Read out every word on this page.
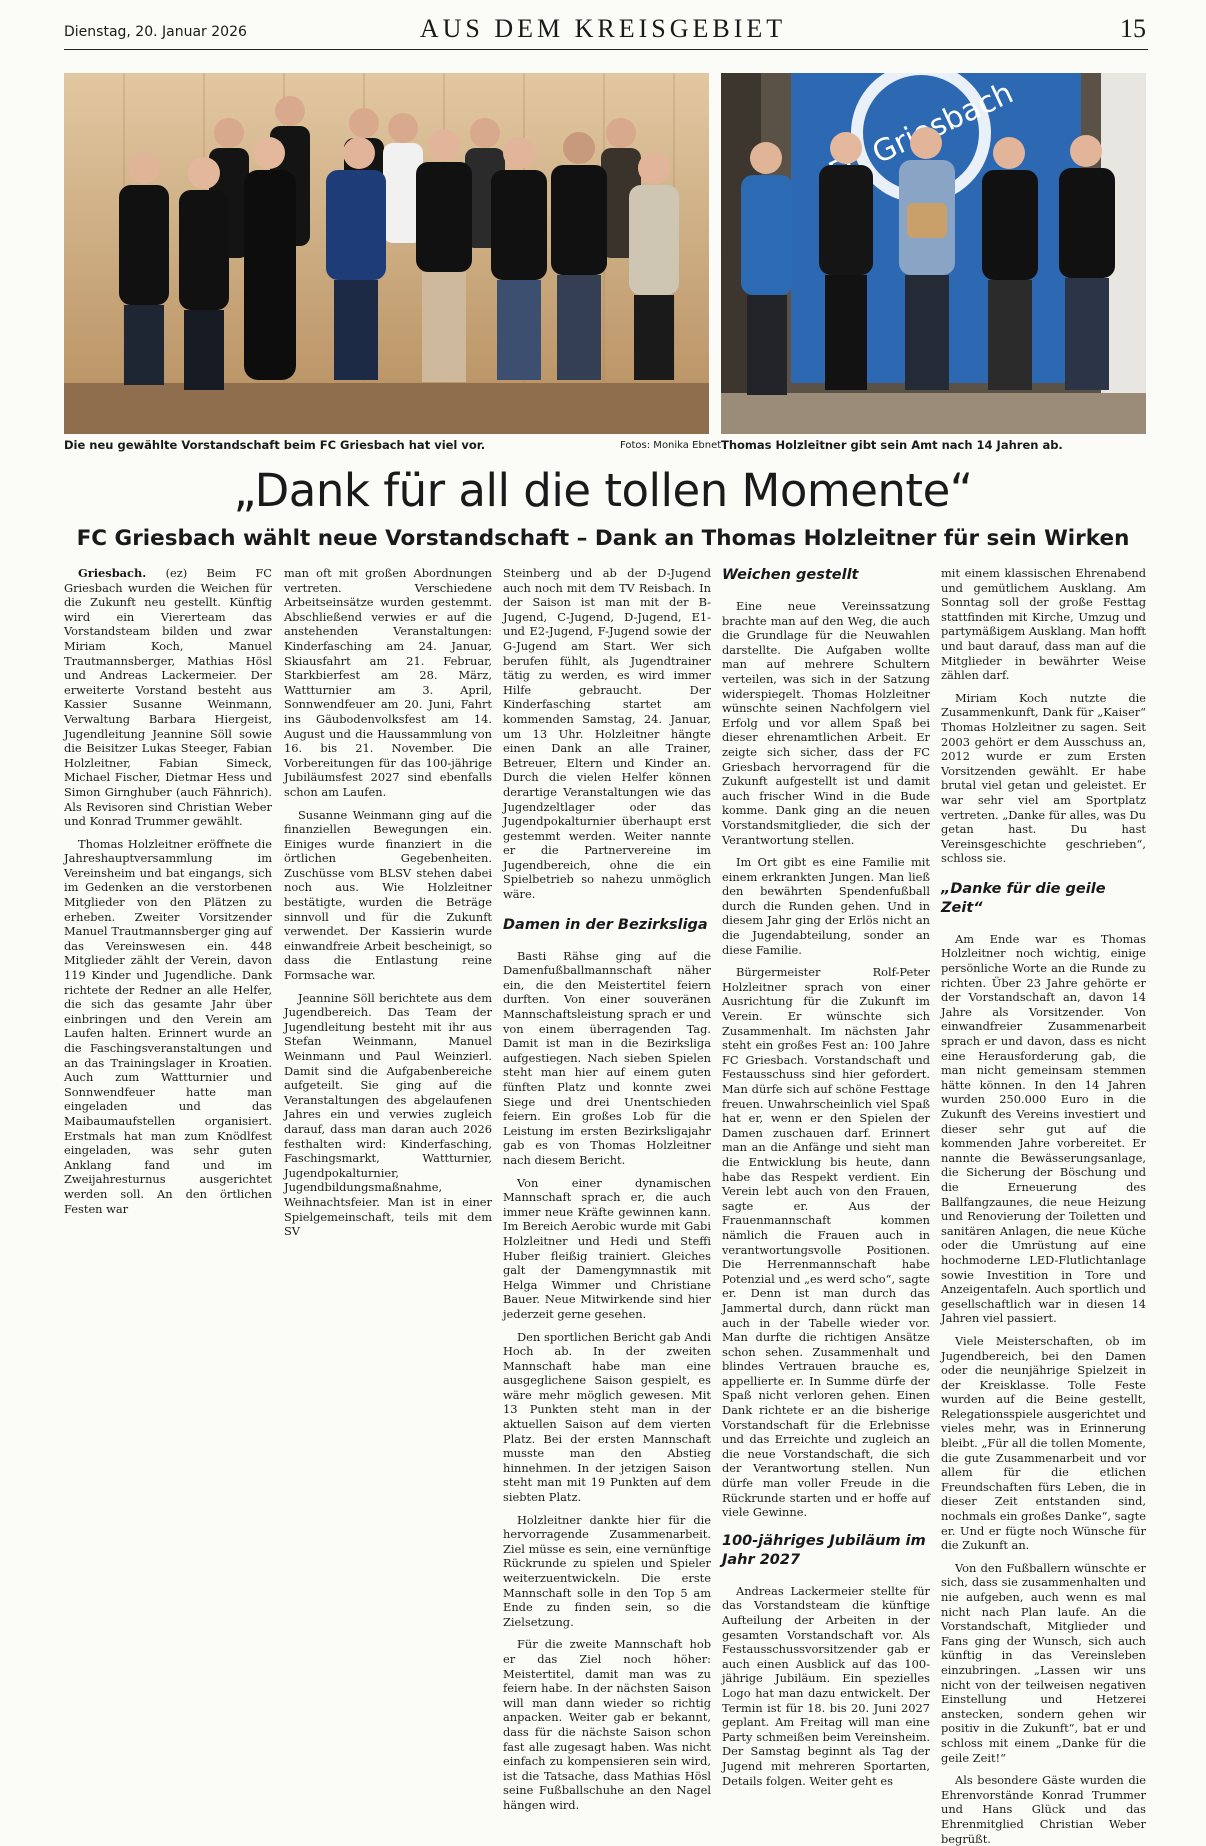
Dienstag, 20. Januar 2026	AUS DEM KREISGEBIET	15
Griesbach
Die neu gewählte Vorstandschaft beim FC Griesbach hat viel vor.	Fotos: Monika Ebnet Thomas Holzleitner gibt sein Amt nach 14 Jahren ab.
„Dank für all die tollen Momente“
FC Griesbach wählt neue Vorstandschaft – Dank an Thomas Holzleitner für sein Wirken

Griesbach. (ez) Beim FC Griesbach wurden die Weichen für die Zukunft neu gestellt. Künftig wird ein Viererteam das Vorstandsteam bilden und zwar Miriam Koch, Manuel Trautmannsberger, Mathias Hösl und Andreas Lackermeier. Der erweiterte Vorstand besteht aus Kassier Susanne Weinmann, Verwaltung Barbara Hiergeist, Jugendleitung Jeannine Söll sowie die Beisitzer Lukas Steeger, Fabian Holzleitner, Fabian Simeck, Michael Fischer, Dietmar Hess und Simon Girnghuber (auch Fähnrich). Als Revisoren sind Christian Weber und Konrad Trummer gewählt.

Thomas Holzleitner eröffnete die Jahreshauptversammlung im Vereinsheim und bat eingangs, sich im Gedenken an die verstorbenen Mitglieder von den Plätzen zu erheben. Zweiter Vorsitzender Manuel Trautmannsberger ging auf das Vereinswesen ein. 448 Mitglieder zählt der Verein, davon 119 Kinder und Jugendliche. Dank richtete der Redner an alle Helfer, die sich das gesamte Jahr über einbringen und den Verein am Laufen halten. Erinnert wurde an die Faschingsveranstaltungen und an das Trainingslager in Kroatien. Auch zum Wattturnier und Sonnwendfeuer hatte man eingeladen und das Maibaumaufstellen organisiert. Erstmals hat man zum Knödlfest eingeladen, was sehr guten Anklang fand und im Zweijahresturnus ausgerichtet werden soll. An den örtlichen Festen war

man oft mit großen Abordnungen vertreten. Verschiedene Arbeitseinsätze wurden gestemmt. Abschließend verwies er auf die anstehenden Veranstaltungen: Kinderfasching am 24. Januar, Skiausfahrt am 21. Februar, Starkbierfest am 28. März, Wattturnier am 3. April, Sonnwendfeuer am 20. Juni, Fahrt ins Gäubodenvolksfest am 14. August und die Haussammlung von 16. bis 21. November. Die Vorbereitungen für das 100-jährige Jubiläumsfest 2027 sind ebenfalls schon am Laufen.

Susanne Weinmann ging auf die finanziellen Bewegungen ein. Einiges wurde finanziert in die örtlichen Gegebenheiten. Zuschüsse vom BLSV stehen dabei noch aus. Wie Holzleitner bestätigte, wurden die Beträge sinnvoll und für die Zukunft verwendet. Der Kassierin wurde einwandfreie Arbeit bescheinigt, so dass die Entlastung reine Formsache war.

Jeannine Söll berichtete aus dem Jugendbereich. Das Team der Jugendleitung besteht mit ihr aus Stefan Weinmann, Manuel Weinmann und Paul Weinzierl. Damit sind die Aufgabenbereiche aufgeteilt. Sie ging auf die Veranstaltungen des abgelaufenen Jahres ein und verwies zugleich darauf, dass man daran auch 2026 festhalten wird: Kinderfasching, Faschingsmarkt, Wattturnier, Jugendpokalturnier, Jugendbildungsmaßnahme, Weihnachtsfeier. Man ist in einer Spielgemeinschaft, teils mit dem SV

Steinberg und ab der D-Jugend auch noch mit dem TV Reisbach. In der Saison ist man mit der B-Jugend, C-Jugend, D-Jugend, E1- und E2-Jugend, F-Jugend sowie der G-Jugend am Start. Wer sich berufen fühlt, als Jugendtrainer tätig zu werden, es wird immer Hilfe gebraucht. Der Kinderfasching startet am kommenden Samstag, 24. Januar, um 13 Uhr. Holzleitner hängte einen Dank an alle Trainer, Betreuer, Eltern und Kinder an. Durch die vielen Helfer können derartige Veranstaltungen wie das Jugendzeltlager oder das Jugendpokalturnier überhaupt erst gestemmt werden. Weiter nannte er die Partnervereine im Jugendbereich, ohne die ein Spielbetrieb so nahezu unmöglich wäre.

Damen in der Bezirksliga

Basti Rähse ging auf die Damenfußballmannschaft näher ein, die den Meistertitel feiern durften. Von einer souveränen Mannschaftsleistung sprach er und von einem überragenden Tag. Damit ist man in die Bezirksliga aufgestiegen. Nach sieben Spielen steht man hier auf einem guten fünften Platz und konnte zwei Siege und drei Unentschieden feiern. Ein großes Lob für die Leistung im ersten Bezirksligajahr gab es von Thomas Holzleitner nach diesem Bericht.

Von einer dynamischen Mannschaft sprach er, die auch immer neue Kräfte gewinnen kann. Im Bereich Aerobic wurde mit Gabi Holzleitner und Hedi und Steffi Huber fleißig trainiert. Gleiches galt der Damengymnastik mit Helga Wimmer und Christiane Bauer. Neue Mitwirkende sind hier jederzeit gerne gesehen.

Den sportlichen Bericht gab Andi Hoch ab. In der zweiten Mannschaft habe man eine ausgeglichene Saison gespielt, es wäre mehr möglich gewesen. Mit 13 Punkten steht man in der aktuellen Saison auf dem vierten Platz. Bei der ersten Mannschaft musste man den Abstieg hinnehmen. In der jetzigen Saison steht man mit 19 Punkten auf dem siebten Platz.

Holzleitner dankte hier für die hervorragende Zusammenarbeit. Ziel müsse es sein, eine vernünftige Rückrunde zu spielen und Spieler weiterzuentwickeln. Die erste Mannschaft solle in den Top 5 am Ende zu finden sein, so die Zielsetzung.

Für die zweite Mannschaft hob er das Ziel noch höher: Meistertitel, damit man was zu feiern habe. In der nächsten Saison will man dann wieder so richtig anpacken. Weiter gab er bekannt, dass für die nächste Saison schon fast alle zugesagt haben. Was nicht einfach zu kompensieren sein wird, ist die Tatsache, dass Mathias Hösl seine Fußballschuhe an den Nagel hängen wird.

Weichen gestellt

Eine neue Vereinssatzung brachte man auf den Weg, die auch die Grundlage für die Neuwahlen darstellte. Die Aufgaben wollte man auf mehrere Schultern verteilen, was sich in der Satzung widerspiegelt. Thomas Holzleitner wünschte seinen Nachfolgern viel Erfolg und vor allem Spaß bei dieser ehrenamtlichen Arbeit. Er zeigte sich sicher, dass der FC Griesbach hervorragend für die Zukunft aufgestellt ist und damit auch frischer Wind in die Bude komme. Dank ging an die neuen Vorstandsmitglieder, die sich der Verantwortung stellen.

Im Ort gibt es eine Familie mit einem erkrankten Jungen. Man ließ den bewährten Spendenfußball durch die Runden gehen. Und in diesem Jahr ging der Erlös nicht an die Jugendabteilung, sonder an diese Familie.

Bürgermeister Rolf-Peter Holzleitner sprach von einer Ausrichtung für die Zukunft im Verein. Er wünschte sich Zusammenhalt. Im nächsten Jahr steht ein großes Fest an: 100 Jahre FC Griesbach. Vorstandschaft und Festausschuss sind hier gefordert. Man dürfe sich auf schöne Festtage freuen. Unwahrscheinlich viel Spaß hat er, wenn er den Spielen der Damen zuschauen darf. Erinnert man an die Anfänge und sieht man die Entwicklung bis heute, dann habe das Respekt verdient. Ein Verein lebt auch von den Frauen, sagte er. Aus der Frauenmannschaft kommen nämlich die Frauen auch in verantwortungsvolle Positionen. Die Herrenmannschaft habe Potenzial und „es werd scho“, sagte er. Denn ist man durch das Jammertal durch, dann rückt man auch in der Tabelle wieder vor. Man durfte die richtigen Ansätze schon sehen. Zusammenhalt und blindes Vertrauen brauche es, appellierte er. In Summe dürfe der Spaß nicht verloren gehen. Einen Dank richtete er an die bisherige Vorstandschaft für die Erlebnisse und das Erreichte und zugleich an die neue Vorstandschaft, die sich der Verantwortung stellen. Nun dürfe man voller Freude in die Rückrunde starten und er hoffe auf viele Gewinne.

100-jähriges Jubiläum im Jahr 2027

Andreas Lackermeier stellte für das Vorstandsteam die künftige Aufteilung der Arbeiten in der gesamten Vorstandschaft vor. Als Festausschussvorsitzender gab er auch einen Ausblick auf das 100-jährige Jubiläum. Ein spezielles Logo hat man dazu entwickelt. Der Termin ist für 18. bis 20. Juni 2027 geplant. Am Freitag will man eine Party schmeißen beim Vereinsheim. Der Samstag beginnt als Tag der Jugend mit mehreren Sportarten, Details folgen. Weiter geht es

mit einem klassischen Ehrenabend und gemütlichem Ausklang. Am Sonntag soll der große Festtag stattfinden mit Kirche, Umzug und partymäßigem Ausklang. Man hofft und baut darauf, dass man auf die Mitglieder in bewährter Weise zählen darf.

Miriam Koch nutzte die Zusammenkunft, Dank für „Kaiser“ Thomas Holzleitner zu sagen. Seit 2003 gehört er dem Ausschuss an, 2012 wurde er zum Ersten Vorsitzenden gewählt. Er habe brutal viel getan und geleistet. Er war sehr viel am Sportplatz vertreten. „Danke für alles, was Du getan hast. Du hast Vereinsgeschichte geschrieben“, schloss sie.

„Danke für die geile Zeit“

Am Ende war es Thomas Holzleitner noch wichtig, einige persönliche Worte an die Runde zu richten. Über 23 Jahre gehörte er der Vorstandschaft an, davon 14 Jahre als Vorsitzender. Von einwandfreier Zusammenarbeit sprach er und davon, dass es nicht eine Herausforderung gab, die man nicht gemeinsam stemmen hätte können. In den 14 Jahren wurden 250.000 Euro in die Zukunft des Vereins investiert und dieser sehr gut auf die kommenden Jahre vorbereitet. Er nannte die Bewässerungsanlage, die Sicherung der Böschung und die Erneuerung des Ballfangzaunes, die neue Heizung und Renovierung der Toiletten und sanitären Anlagen, die neue Küche oder die Umrüstung auf eine hochmoderne LED-Flutlichtanlage sowie Investition in Tore und Anzeigentafeln. Auch sportlich und gesellschaftlich war in diesen 14 Jahren viel passiert.

Viele Meisterschaften, ob im Jugendbereich, bei den Damen oder die neunjährige Spielzeit in der Kreisklasse. Tolle Feste wurden auf die Beine gestellt, Relegationsspiele ausgerichtet und vieles mehr, was in Erinnerung bleibt. „Für all die tollen Momente, die gute Zusammenarbeit und vor allem für die etlichen Freundschaften fürs Leben, die in dieser Zeit entstanden sind, nochmals ein großes Danke“, sagte er. Und er fügte noch Wünsche für die Zukunft an.

Von den Fußballern wünschte er sich, dass sie zusammenhalten und nie aufgeben, auch wenn es mal nicht nach Plan laufe. An die Vorstandschaft, Mitglieder und Fans ging der Wunsch, sich auch künftig in das Vereinsleben einzubringen. „Lassen wir uns nicht von der teilweisen negativen Einstellung und Hetzerei anstecken, sondern gehen wir positiv in die Zukunft“, bat er und schloss mit einem „Danke für die geile Zeit!“

Als besondere Gäste wurden die Ehrenvorstände Konrad Trummer und Hans Glück und das Ehrenmitglied Christian Weber begrüßt.
